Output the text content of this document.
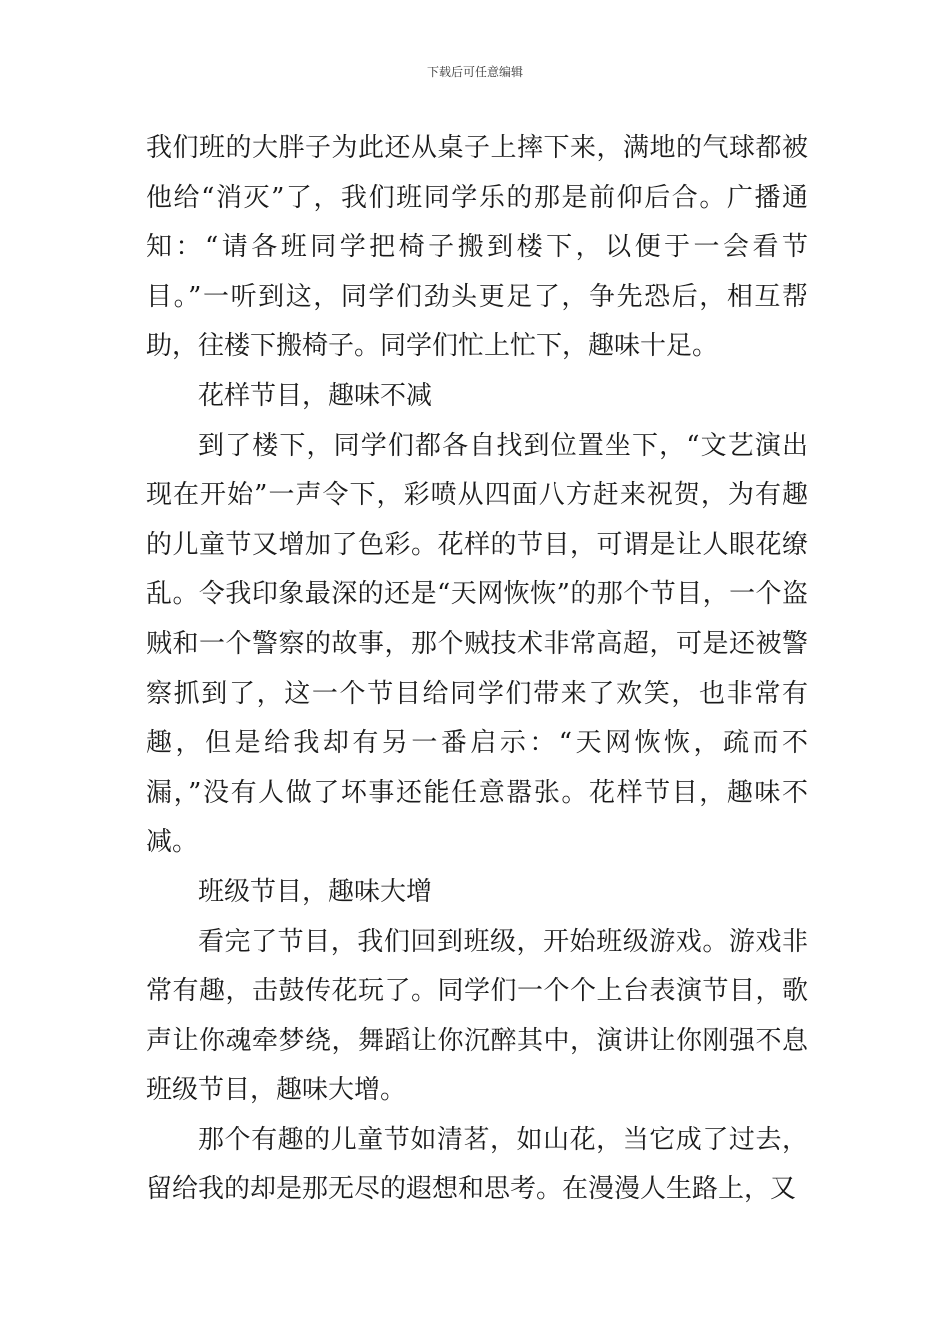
下载后可任意编辑

我们班的大胖子为此还从桌子上摔下来，满地的气球都被他给“消灭”了，我们班同学乐的那是前仰后合。广播通知：“请各班同学把椅子搬到楼下，以便于一会看节目。”一听到这，同学们劲头更足了，争先恐后，相互帮助，往楼下搬椅子。同学们忙上忙下，趣味十足。

花样节目，趣味不减

到了楼下，同学们都各自找到位置坐下，“文艺演出现在开始”一声令下，彩喷从四面八方赶来祝贺，为有趣的儿童节又增加了色彩。花样的节目，可谓是让人眼花缭乱。令我印象最深的还是“天网恢恢”的那个节目，一个盗贼和一个警察的故事，那个贼技术非常高超，可是还被警察抓到了，这一个节目给同学们带来了欢笑，也非常有趣，但是给我却有另一番启示：“天网恢恢，疏而不漏，”没有人做了坏事还能任意嚣张。花样节目，趣味不减。

班级节目，趣味大增

看完了节目，我们回到班级，开始班级游戏。游戏非常有趣，击鼓传花玩了。同学们一个个上台表演节目，歌声让你魂牵梦绕，舞蹈让你沉醉其中，演讲让你刚强不息班级节目，趣味大增。

那个有趣的儿童节如清茗，如山花，当它成了过去，留给我的却是那无尽的遐想和思考。在漫漫人生路上，又
